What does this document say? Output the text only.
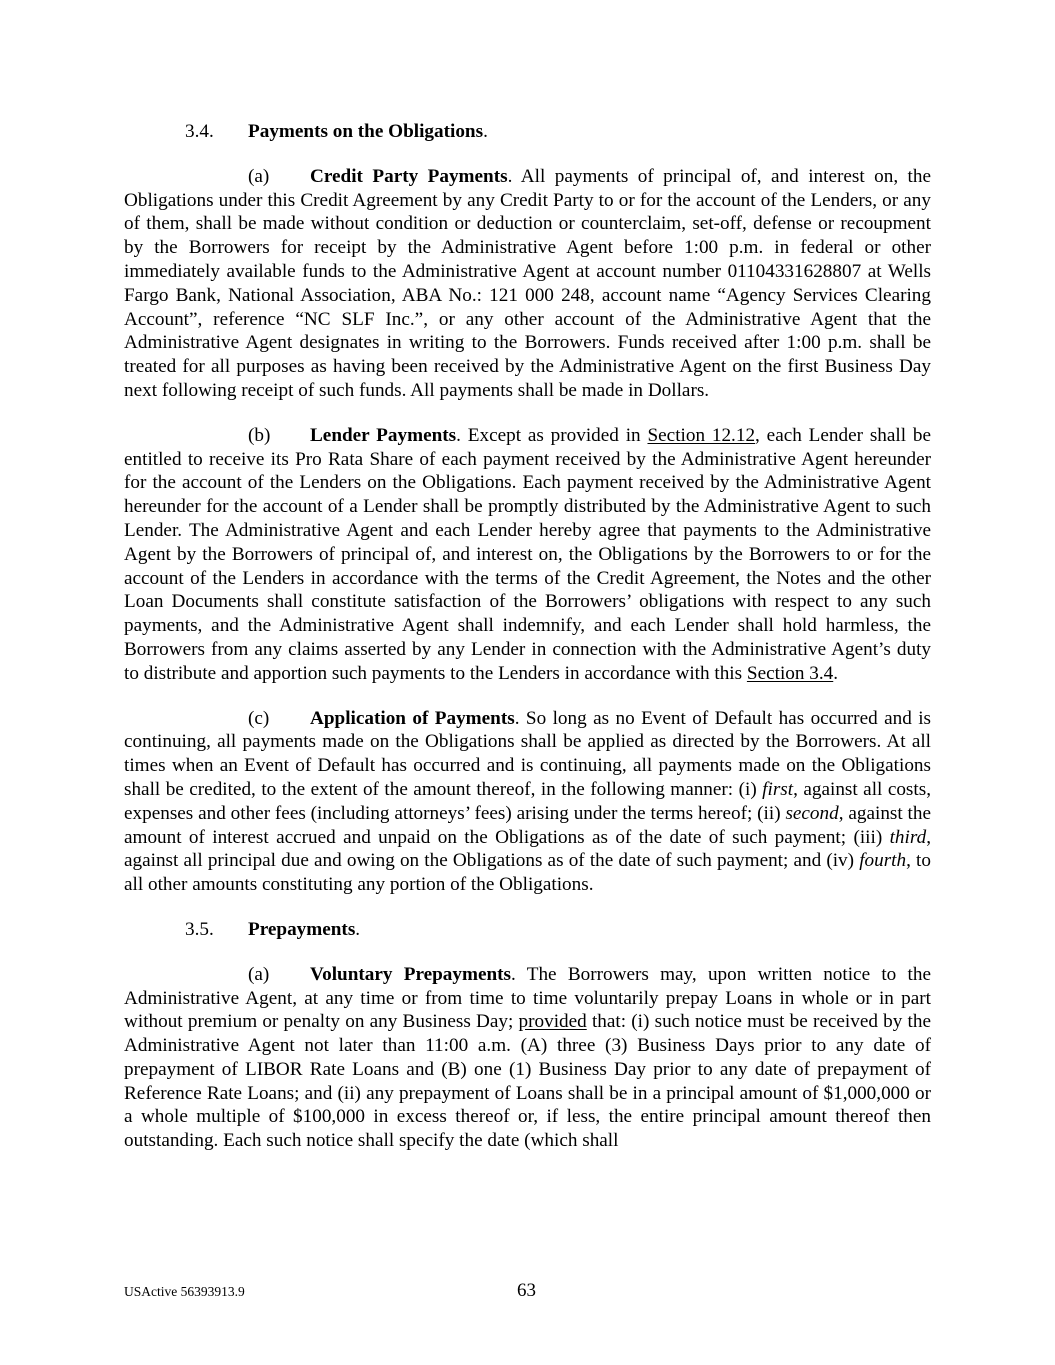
3.4. Payments on the Obligations.

(a) Credit Party Payments. All payments of principal of, and interest on, the Obligations under this Credit Agreement by any Credit Party to or for the account of the Lenders, or any of them, shall be made without condition or deduction or counterclaim, set-off, defense or recoupment by the Borrowers for receipt by the Administrative Agent before 1:00 p.m. in federal or other immediately available funds to the Administrative Agent at account number 01104331628807 at Wells Fargo Bank, National Association, ABA No.: 121 000 248, account name “Agency Services Clearing Account”, reference “NC SLF Inc.”, or any other account of the Administrative Agent that the Administrative Agent designates in writing to the Borrowers. Funds received after 1:00 p.m. shall be treated for all purposes as having been received by the Administrative Agent on the first Business Day next following receipt of such funds. All payments shall be made in Dollars.

(b) Lender Payments. Except as provided in Section 12.12, each Lender shall be entitled to receive its Pro Rata Share of each payment received by the Administrative Agent hereunder for the account of the Lenders on the Obligations. Each payment received by the Administrative Agent hereunder for the account of a Lender shall be promptly distributed by the Administrative Agent to such Lender. The Administrative Agent and each Lender hereby agree that payments to the Administrative Agent by the Borrowers of principal of, and interest on, the Obligations by the Borrowers to or for the account of the Lenders in accordance with the terms of the Credit Agreement, the Notes and the other Loan Documents shall constitute satisfaction of the Borrowers’ obligations with respect to any such payments, and the Administrative Agent shall indemnify, and each Lender shall hold harmless, the Borrowers from any claims asserted by any Lender in connection with the Administrative Agent’s duty to distribute and apportion such payments to the Lenders in accordance with this Section 3.4.

(c) Application of Payments. So long as no Event of Default has occurred and is continuing, all payments made on the Obligations shall be applied as directed by the Borrowers. At all times when an Event of Default has occurred and is continuing, all payments made on the Obligations shall be credited, to the extent of the amount thereof, in the following manner: (i) first, against all costs, expenses and other fees (including attorneys’ fees) arising under the terms hereof; (ii) second, against the amount of interest accrued and unpaid on the Obligations as of the date of such payment; (iii) third, against all principal due and owing on the Obligations as of the date of such payment; and (iv) fourth, to all other amounts constituting any portion of the Obligations.

3.5. Prepayments.

(a) Voluntary Prepayments. The Borrowers may, upon written notice to the Administrative Agent, at any time or from time to time voluntarily prepay Loans in whole or in part without premium or penalty on any Business Day; provided that: (i) such notice must be received by the Administrative Agent not later than 11:00 a.m. (A) three (3) Business Days prior to any date of prepayment of LIBOR Rate Loans and (B) one (1) Business Day prior to any date of prepayment of Reference Rate Loans; and (ii) any prepayment of Loans shall be in a principal amount of $1,000,000 or a whole multiple of $100,000 in excess thereof or, if less, the entire principal amount thereof then outstanding. Each such notice shall specify the date (which shall

USActive 56393913.9	63
